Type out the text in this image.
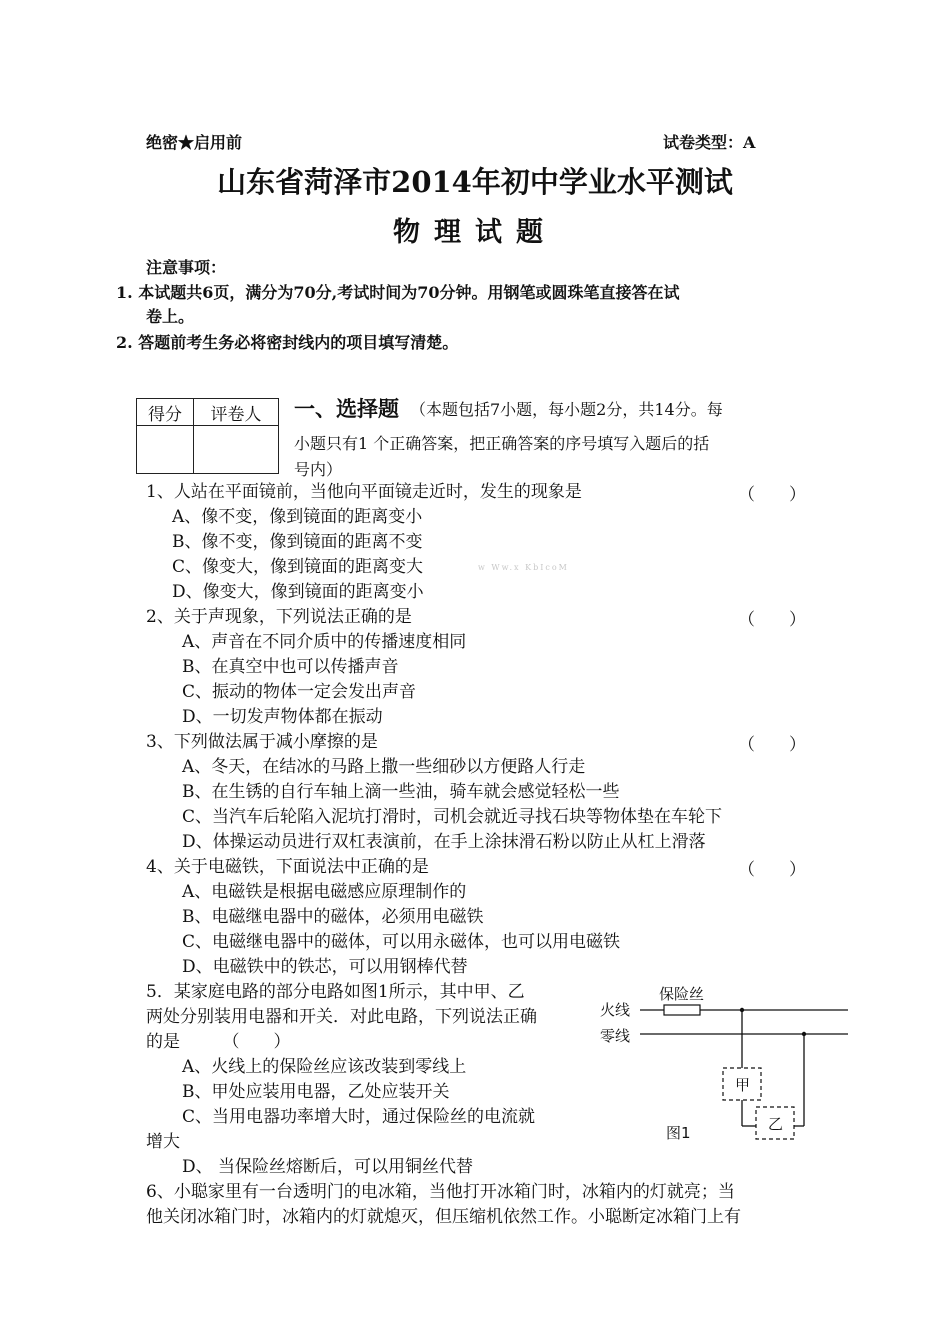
绝密★启用前	试卷类型：A
山东省菏泽市2014年初中学业水平测试
物理试题
注意事项：
1. 本试题共6页，满分为70分,考试时间为70分钟。用钢笔或圆珠笔直接答在试
卷上。
2. 答题前考生务必将密封线内的项目填写清楚。
得分	评卷人
	一、选择题 （本题包括7小题，每小题2分，共14分。每
小题只有1 个正确答案，把正确答案的序号填写入题后的括
号内）
1、人站在平面镜前，当他向平面镜走近时，发生的现象是	（　　）
A、像不变，像到镜面的距离变小
B、像不变，像到镜面的距离不变
C、像变大，像到镜面的距离变大	w Ww.x KbIcoM
D、像变大，像到镜面的距离变小
2、关于声现象，下列说法正确的是	（　　）
A、声音在不同介质中的传播速度相同
B、在真空中也可以传播声音
C、振动的物体一定会发出声音
D、一切发声物体都在振动
3、下列做法属于减小摩擦的是	（　　）
A、冬天，在结冰的马路上撒一些细砂以方便路人行走
B、在生锈的自行车轴上滴一些油，骑车就会感觉轻松一些
C、当汽车后轮陷入泥坑打滑时，司机会就近寻找石块等物体垫在车轮下
D、体操运动员进行双杠表演前，在手上涂抹滑石粉以防止从杠上滑落
4、关于电磁铁，下面说法中正确的是	（　　）
A、电磁铁是根据电磁感应原理制作的
B、电磁继电器中的磁体，必须用电磁铁
C、电磁继电器中的磁体，可以用永磁体，也可以用电磁铁
D、电磁铁中的铁芯，可以用钢棒代替
5．某家庭电路的部分电路如图1所示，其中甲、乙
两处分别装用电器和开关．对此电路，下列说法正确
的是　　　（　　）
A、火线上的保险丝应该改装到零线上
B、甲处应装用电器，乙处应装开关
C、当用电器功率增大时，通过保险丝的电流就
增大
D、 当保险丝熔断后，可以用铜丝代替
保险丝
火线
零线
甲
乙
图1
6、小聪家里有一台透明门的电冰箱，当他打开冰箱门时，冰箱内的灯就亮；当
他关闭冰箱门时，冰箱内的灯就熄灭，但压缩机依然工作。小聪断定冰箱门上有
